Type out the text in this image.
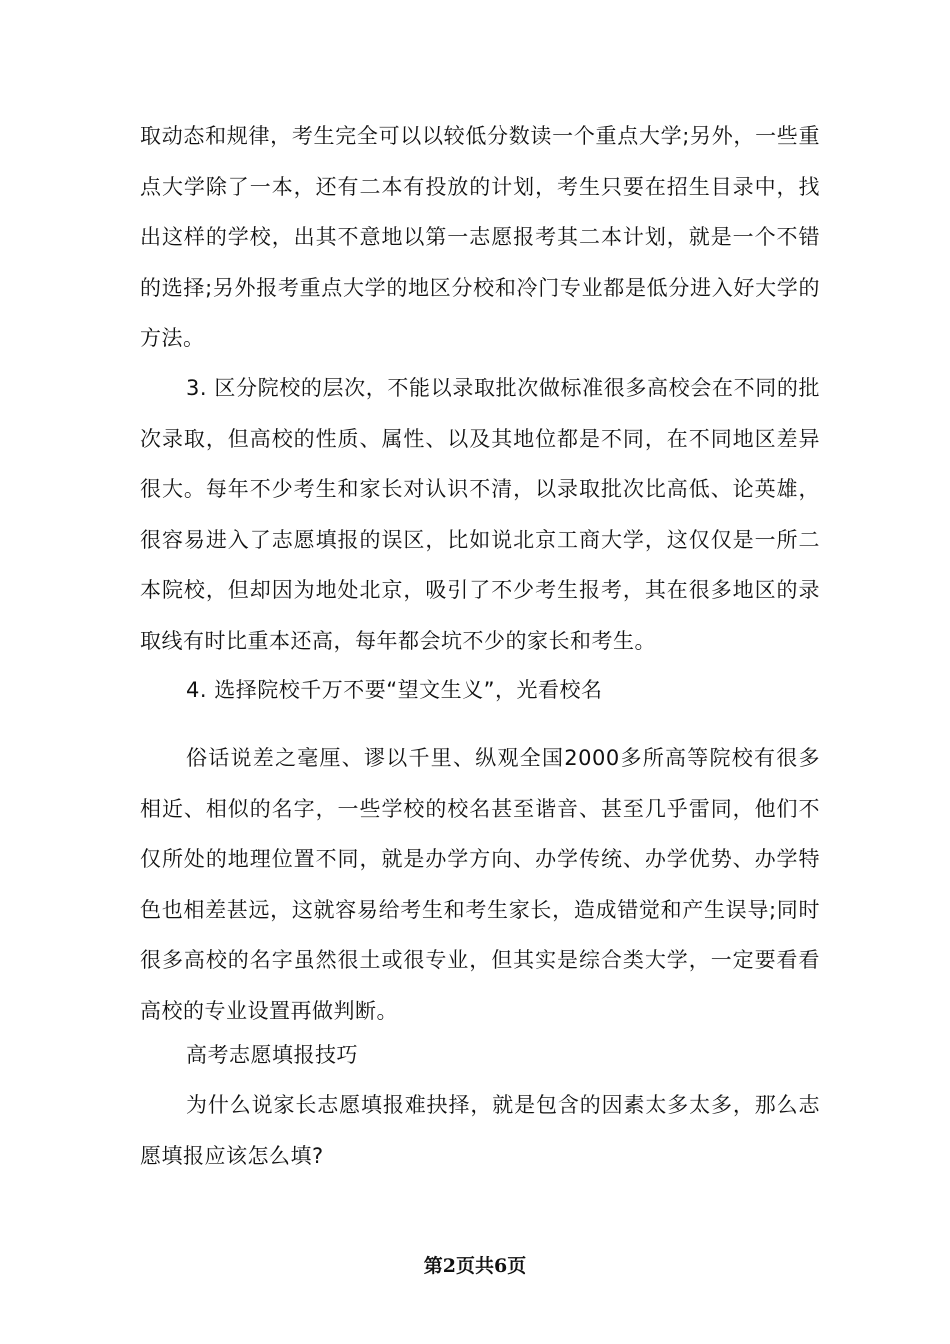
取动态和规律，考生完全可以以较低分数读一个重点大学;另外，一些重点大学除了一本，还有二本有投放的计划，考生只要在招生目录中，找出这样的学校，出其不意地以第一志愿报考其二本计划，就是一个不错的选择;另外报考重点大学的地区分校和冷门专业都是低分进入好大学的方法。

3. 区分院校的层次，不能以录取批次做标准很多高校会在不同的批次录取，但高校的性质、属性、以及其地位都是不同，在不同地区差异很大。每年不少考生和家长对认识不清，以录取批次比高低、论英雄，很容易进入了志愿填报的误区，比如说北京工商大学，这仅仅是一所二本院校，但却因为地处北京，吸引了不少考生报考，其在很多地区的录取线有时比重本还高，每年都会坑不少的家长和考生。

4. 选择院校千万不要“望文生义”，光看校名

俗话说差之毫厘、谬以千里、纵观全国2000多所高等院校有很多相近、相似的名字，一些学校的校名甚至谐音、甚至几乎雷同，他们不仅所处的地理位置不同，就是办学方向、办学传统、办学优势、办学特色也相差甚远，这就容易给考生和考生家长，造成错觉和产生误导;同时很多高校的名字虽然很土或很专业，但其实是综合类大学，一定要看看高校的专业设置再做判断。

高考志愿填报技巧

为什么说家长志愿填报难抉择，就是包含的因素太多太多，那么志愿填报应该怎么填?

第2页共6页
